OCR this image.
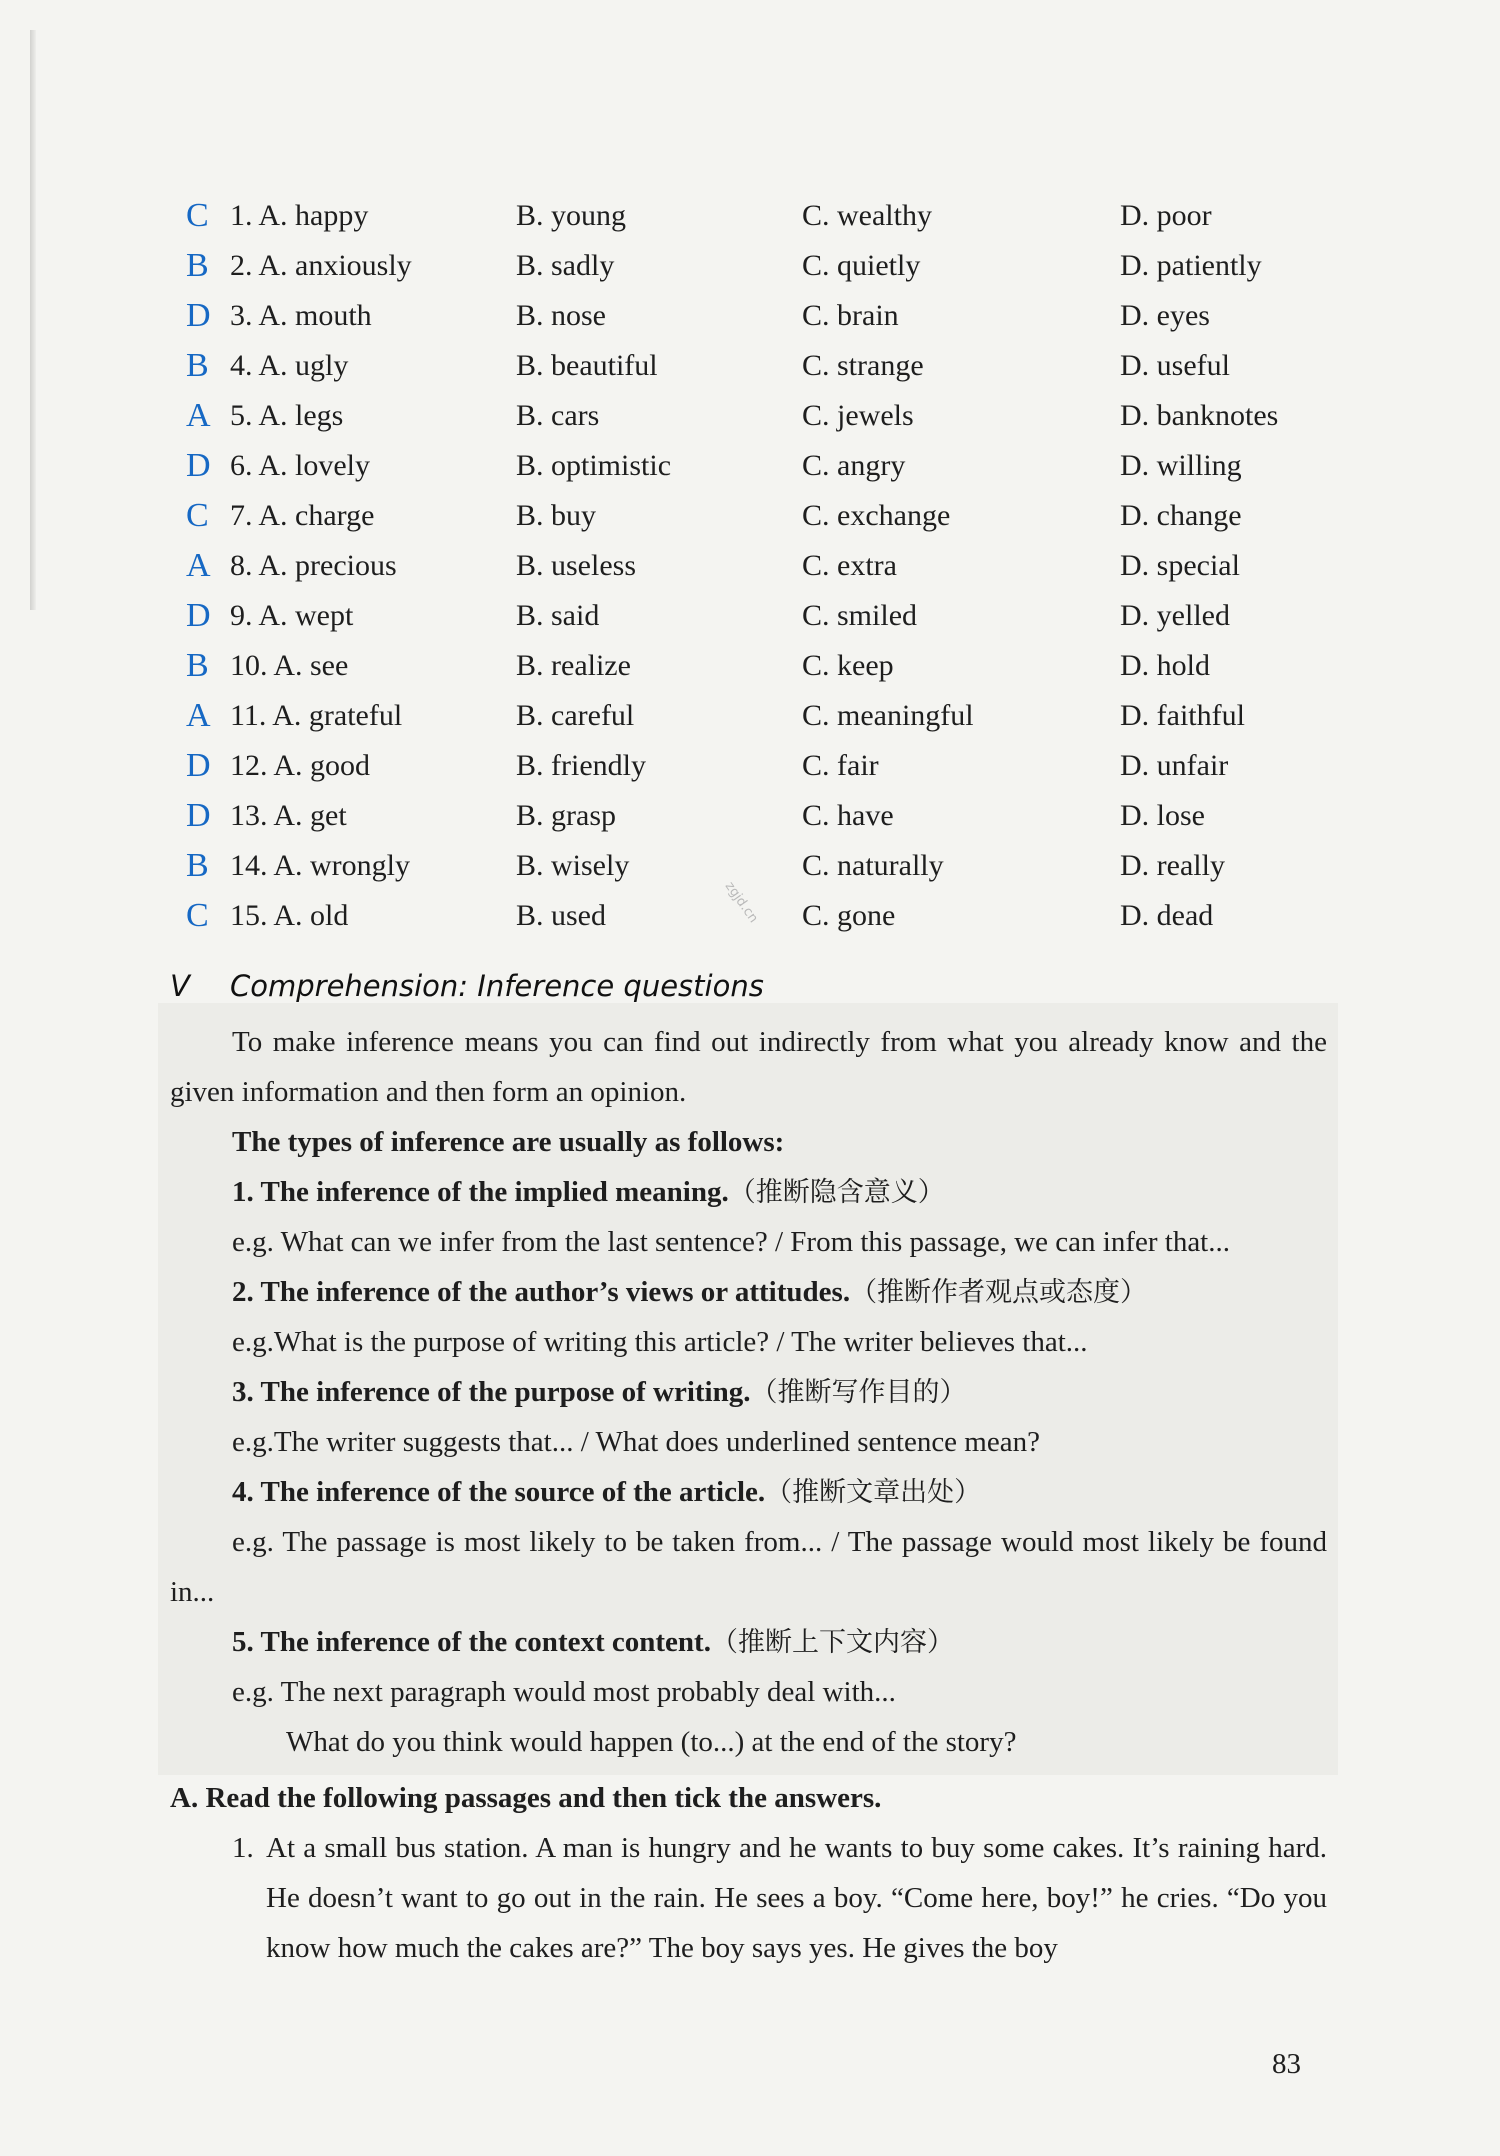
C 1. A. happy	B. young	C. wealthy	D. poor
B 2. A. anxiously	B. sadly	C. quietly	D. patiently
D 3. A. mouth	B. nose	C. brain	D. eyes
B 4. A. ugly	B. beautiful	C. strange	D. useful
A 5. A. legs	B. cars	C. jewels	D. banknotes
D 6. A. lovely	B. optimistic	C. angry	D. willing
C 7. A. charge	B. buy	C. exchange	D. change
A 8. A. precious	B. useless	C. extra	D. special
D 9. A. wept	B. said	C. smiled	D. yelled
B 10. A. see	B. realize	C. keep	D. hold
A 11. A. grateful	B. careful	C. meaningful	D. faithful
D 12. A. good	B. friendly	C. fair	D. unfair
D 13. A. get	B. grasp	C. have	D. lose
B 14. A. wrongly	B. wisely	C. naturally	D. really
C 15. A. old	B. used	C. gone	D. dead
zgjd.cn
V Comprehension: Inference questions
To make inference means you can find out indirectly from what you already know and the given information and then form an opinion.
The types of inference are usually as follows:
1. The inference of the implied meaning.（推断隐含意义）
e.g. What can we infer from the last sentence? / From this passage, we can infer that...
2. The inference of the author’s views or attitudes.（推断作者观点或态度）
e.g.What is the purpose of writing this article? / The writer believes that...
3. The inference of the purpose of writing.（推断写作目的）
e.g.The writer suggests that... / What does underlined sentence mean?
4. The inference of the source of the article.（推断文章出处）
e.g. The passage is most likely to be taken from... / The passage would most likely be found in...
5. The inference of the context content.（推断上下文内容）
e.g. The next paragraph would most probably deal with...
What do you think would happen (to...) at the end of the story?
A. Read the following passages and then tick the answers.
1. At a small bus station. A man is hungry and he wants to buy some cakes. It’s raining hard. He doesn’t want to go out in the rain. He sees a boy. “Come here, boy!” he cries. “Do you know how much the cakes are?” The boy says yes. He gives the boy
83
